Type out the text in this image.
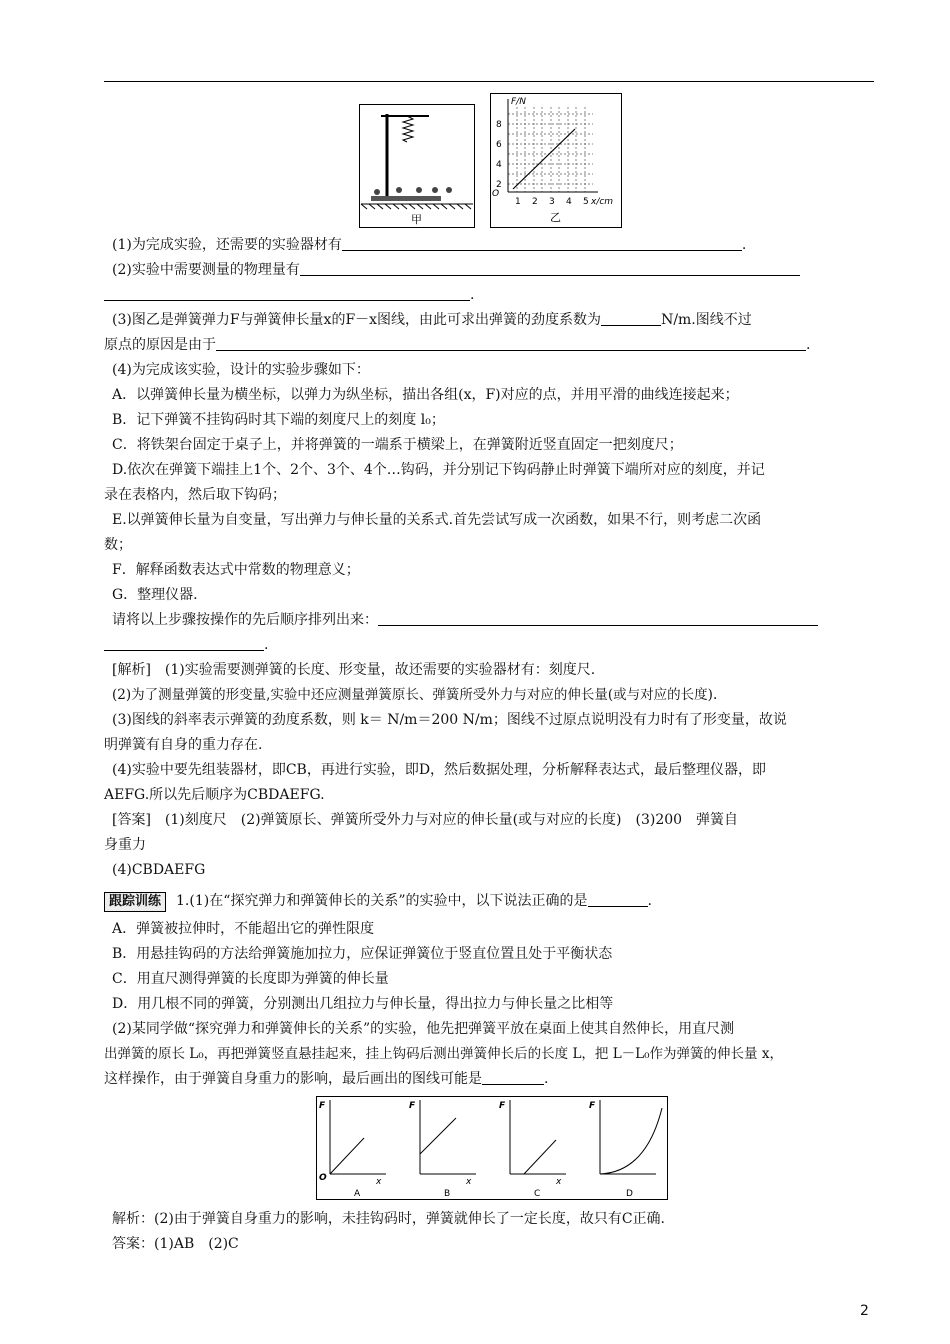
甲
F/N
O
8
6
4
2
1 2 3 4 5 x/cm
乙
(1)为完成实验，还需要的实验器材有	.
(2)实验中需要测量的物理量有
.
(3)图乙是弹簧弹力F与弹簧伸长量x的F－x图线，由此可求出弹簧的劲度系数为	N/m.图线不过
原点的原因是由于	.
(4)为完成该实验，设计的实验步骤如下：
A．以弹簧伸长量为横坐标，以弹力为纵坐标，描出各组(x，F)对应的点，并用平滑的曲线连接起来；
B．记下弹簧不挂钩码时其下端的刻度尺上的刻度 l₀；
C．将铁架台固定于桌子上，并将弹簧的一端系于横梁上，在弹簧附近竖直固定一把刻度尺；
D.依次在弹簧下端挂上1个、2个、3个、4个…钩码，并分别记下钩码静止时弹簧下端所对应的刻度，并记
录在表格内，然后取下钩码；
E.以弹簧伸长量为自变量，写出弹力与伸长量的关系式.首先尝试写成一次函数，如果不行，则考虑二次函
数；
F．解释函数表达式中常数的物理意义；
G．整理仪器.
请将以上步骤按操作的先后顺序排列出来：
.
[解析]　(1)实验需要测弹簧的长度、形变量，故还需要的实验器材有：刻度尺.
(2)为了测量弹簧的形变量,实验中还应测量弹簧原长、弹簧所受外力与对应的伸长量(或与对应的长度).
(3)图线的斜率表示弹簧的劲度系数，则 k＝ N/m＝200 N/m；图线不过原点说明没有力时有了形变量，故说
明弹簧有自身的重力存在.
(4)实验中要先组装器材，即CB，再进行实验，即D，然后数据处理，分析解释表达式，最后整理仪器，即
AEFG.所以先后顺序为CBDAEFG.
[答案]　(1)刻度尺　(2)弹簧原长、弹簧所受外力与对应的伸长量(或与对应的长度)　(3)200　弹簧自
身重力
(4)CBDAEFG
跟踪训练 1.(1)在“探究弹力和弹簧伸长的关系”的实验中，以下说法正确的是	.
A．弹簧被拉伸时，不能超出它的弹性限度
B．用悬挂钩码的方法给弹簧施加拉力，应保证弹簧位于竖直位置且处于平衡状态
C．用直尺测得弹簧的长度即为弹簧的伸长量
D．用几根不同的弹簧，分别测出几组拉力与伸长量，得出拉力与伸长量之比相等
(2)某同学做“探究弹力和弹簧伸长的关系”的实验，他先把弹簧平放在桌面上使其自然伸长，用直尺测
出弹簧的原长 L₀，再把弹簧竖直悬挂起来，挂上钩码后测出弹簧伸长后的长度 L，把 L－L₀作为弹簧的伸长量 x，
这样操作，由于弹簧自身重力的影响，最后画出的图线可能是	.
F
O	x
A
F
x
B
F
x
C
F
D
解析：(2)由于弹簧自身重力的影响，未挂钩码时，弹簧就伸长了一定长度，故只有C正确.
答案：(1)AB　(2)C
2
